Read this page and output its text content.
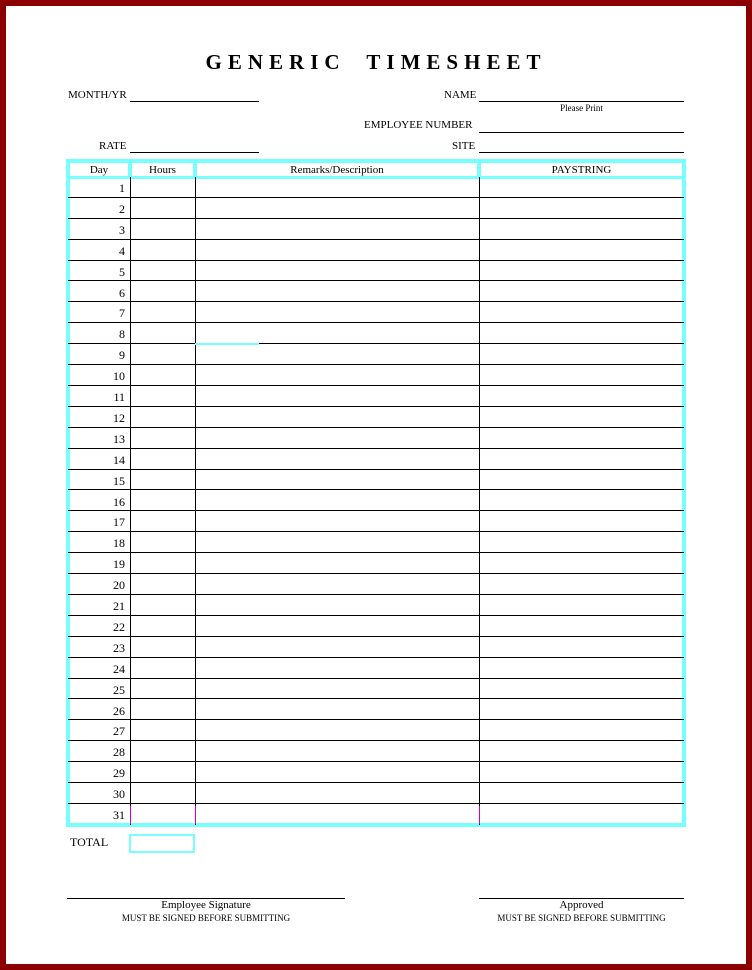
GENERIC TIMESHEET
MONTH/YR	NAME
Please Print
EMPLOYEE NUMBER
RATE	SITE
Day	Hours	Remarks/Description	PAYSTRING
1
2
3
4
5
6
7
8
9
10
11
12
13
14
15
16
17
18
19
20
21
22
23
24
25
26
27
28
29
30
31
TOTAL
Employee Signature
MUST BE SIGNED BEFORE SUBMITTING
Approved
MUST BE SIGNED BEFORE SUBMITTING
